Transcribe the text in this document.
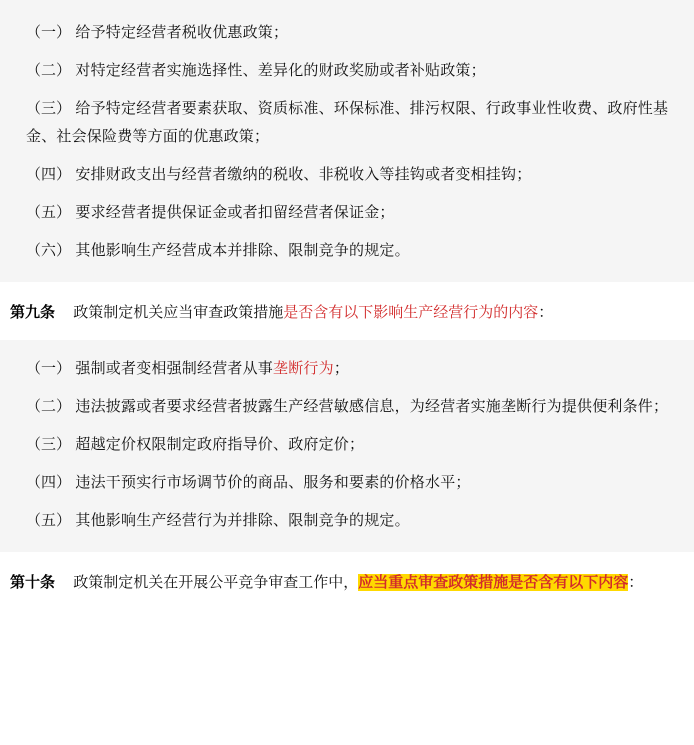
（一） 给予特定经营者税收优惠政策；
（二） 对特定经营者实施选择性、差异化的财政奖励或者补贴政策；
（三） 给予特定经营者要素获取、资质标准、环保标准、排污权限、行政事业性收费、政府性基金、社会保险费等方面的优惠政策；
（四） 安排财政支出与经营者缴纳的税收、非税收入等挂钩或者变相挂钩；
（五） 要求经营者提供保证金或者扣留经营者保证金；
（六） 其他影响生产经营成本并排除、限制竞争的规定。
第九条 政策制定机关应当审查政策措施是否含有以下影响生产经营行为的内容：
（一） 强制或者变相强制经营者从事垄断行为；
（二） 违法披露或者要求经营者披露生产经营敏感信息，为经营者实施垄断行为提供便利条件；
（三） 超越定价权限制定政府指导价、政府定价；
（四） 违法干预实行市场调节价的商品、服务和要素的价格水平；
（五） 其他影响生产经营行为并排除、限制竞争的规定。
第十条 政策制定机关在开展公平竞争审查工作中，应当重点审查政策措施是否含有以下内容：
